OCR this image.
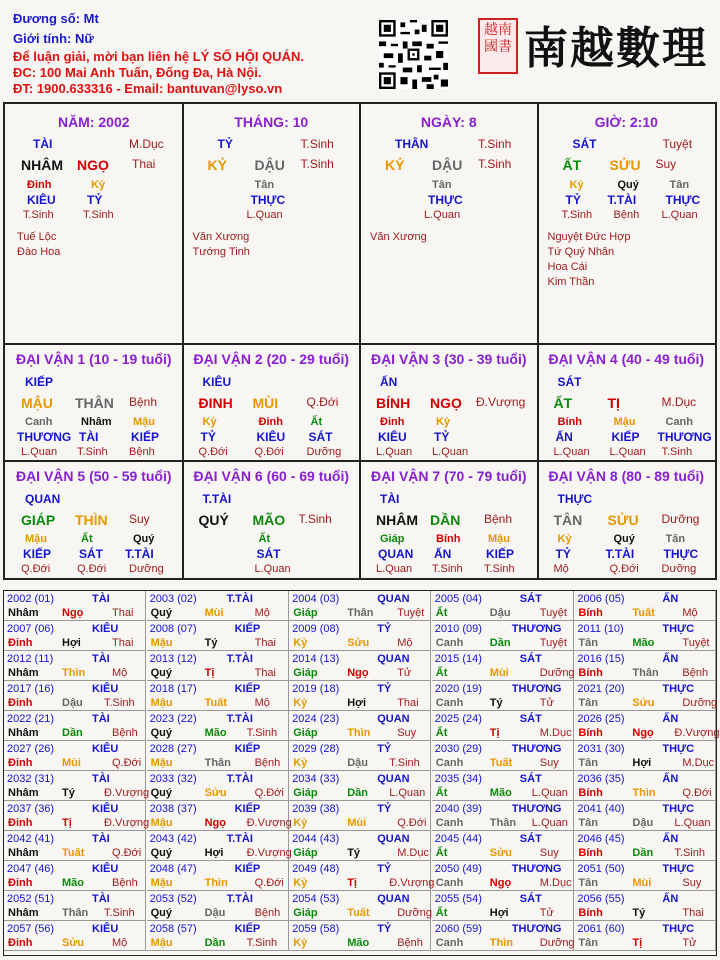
Đương số: Mt
Giới tính: Nữ
Để luận giải, mời bạn liên hệ LÝ SỐ HỘI QUÁN.
ĐC: 100 Mai Anh Tuấn, Đống Đa, Hà Nội.
ĐT: 1900.633316 - Email: bantuvan@lyso.vn
越南國書 南越數理
NĂM: 2002
TÀI	M.Dục
NHÂM NGỌ Thai
Đinh	Kỷ
KIÊU	TỶ
T.Sinh	T.Sinh
Tuế Lộc
Đào Hoa
THÁNG: 10
TỶ	T.Sinh
KỶ DẬU T.Sinh
Tân
THỰC
L.Quan
Văn Xương
Tướng Tinh
NGÀY: 8
THÂN	T.Sinh
KỶ DẬU T.Sinh
Tân
THỰC
L.Quan
Văn Xương
GIỜ: 2:10
SÁT	Tuyệt
ẤT SỬU Suy
Kỷ	Quý	Tân
TỶ T.TÀI THỰC
T.Sinh Bệnh L.Quan
Nguyệt Đức Hợp
Tứ Quý Nhân
Hoa Cái
Kim Thần
ĐẠI VẬN 1 (10 - 19 tuổi)
KIẾP
MẬU THÂN Bệnh
Canh	Nhâm Mậu
THƯƠNG TÀI	KIẾP
L.Quan T.Sinh Bệnh
ĐẠI VẬN 2 (20 - 29 tuổi)
KIÊU
ĐINH MÙI Q.Đới
Kỷ	Đinh	Ất
TỶ	KIÊU SÁT
Q.Đới Q.Đới Dưỡng
ĐẠI VẬN 3 (30 - 39 tuổi)
ẤN
BÍNH NGỌ Đ.Vượng
Đinh	Kỷ
KIÊU TỶ
L.Quan L.Quan
ĐẠI VẬN 4 (40 - 49 tuổi)
SÁT
ẤT	TỊ	M.Dục
Bính	Mậu	Canh
ẤN	KIẾP THƯƠNG
L.Quan L.Quan T.Sinh
ĐẠI VẬN 5 (50 - 59 tuổi)
QUAN
GIÁP THÌN Suy
Mậu	Ất	Quý
KIẾP SÁT T.TÀI
Q.Đới Q.Đới Dưỡng
ĐẠI VẬN 6 (60 - 69 tuổi)
T.TÀI
QUÝ MÃO T.Sinh
Ất
SÁT
L.Quan
ĐẠI VẬN 7 (70 - 79 tuổi)
TÀI
NHÂM DẦN Bệnh
Giáp	Bính	Mậu
QUAN ẤN	KIẾP
L.Quan T.Sinh T.Sinh
ĐẠI VẬN 8 (80 - 89 tuổi)
THỰC
TÂN SỬU Dưỡng
Kỷ	Quý	Tân
TỶ	T.TÀI THỰC
Mộ	Q.Đới Dưỡng
2002 (01)	TÀI
Nhâm Ngọ	Thai
2003 (02)	T.TÀI
Quý	Mùi	Mộ
2004 (03)	QUAN
Giáp	Thân Tuyệt
2005 (04)	SÁT
Ất	Dậu	Tuyệt
2006 (05)	ẤN
Bính	Tuất	Mộ
2007 (06)	KIÊU
Đinh	Hợi	Thai
2008 (07)	KIẾP
Mậu	Tý	Thai
2009 (08)	TỶ
Kỷ	Sửu	Mộ
2010 (09)	THƯƠNG
Canh Dần	Tuyệt
2011 (10)	THỰC
Tân	Mão	Tuyệt
2012 (11)	TÀI
Nhâm Thìn Mộ
2013 (12)	T.TÀI
Quý	Tị	Thai
2014 (13)	QUAN
Giáp	Ngọ	Tử
2015 (14)	SÁT
Ất	Mùi	Dưỡng
2016 (15)	ẤN
Bính	Thân Bệnh
2017 (16)	KIÊU
Đinh	Dậu T.Sinh
2018 (17)	KIẾP
Mậu	Tuất	Mộ
2019 (18)	TỶ
Kỷ	Hợi	Thai
2020 (19)	THƯƠNG
Canh Tý	Tử
2021 (20)	THỰC
Tân	Sửu	Dưỡng
2022 (21)	TÀI
Nhâm Dần	Bệnh
2023 (22)	T.TÀI
Quý	Mão T.Sinh
2024 (23)	QUAN
Giáp	Thìn Suy
2025 (24)	SÁT
Ất	Tị	M.Dục
2026 (25)	ẤN
Bính	Ngọ Đ.Vượng
2027 (26)	KIÊU
Đinh	Mùi	Q.Đới
2028 (27)	KIẾP
Mậu	Thân Bệnh
2029 (28)	TỶ
Kỷ	Dậu T.Sinh
2030 (29)	THƯƠNG
Canh Tuất	Suy
2031 (30)	THỰC
Tân	Hợi	M.Dục
2032 (31)	TÀI
Nhâm Tý	Đ.Vượng
2033 (32)	T.TÀI
Quý	Sửu	Q.Đới
2034 (33)	QUAN
Giáp	Dần L.Quan
2035 (34)	SÁT
Ất	Mão L.Quan
2036 (35)	ẤN
Bính	Thìn Q.Đới
2037 (36)	KIÊU
Đinh	Tị	Đ.Vượng
2038 (37)	KIẾP
Mậu	Ngọ Đ.Vượng
2039 (38)	TỶ
Kỷ	Mùi	Q.Đới
2040 (39)	THƯƠNG
Canh Thân L.Quan
2041 (40)	THỰC
Tân	Dậu L.Quan
2042 (41)	TÀI
Nhâm Tuất	Q.Đới
2043 (42)	T.TÀI
Quý	Hợi Đ.Vượng
2044 (43)	QUAN
Giáp	Tý	M.Dục
2045 (44)	SÁT
Ất	Sửu	Suy
2046 (45)	ẤN
Bính	Dần T.Sinh
2047 (46)	KIÊU
Đinh	Mão	Bệnh
2048 (47)	KIẾP
Mậu	Thìn Q.Đới
2049 (48)	TỶ
Kỷ	Tị	Đ.Vượng
2050 (49)	THƯƠNG
Canh Ngọ	M.Dục
2051 (50)	THỰC
Tân	Mùi	Suy
2052 (51)	TÀI
Nhâm Thân T.Sinh
2053 (52)	T.TÀI
Quý	Dậu	Bệnh
2054 (53)	QUAN
Giáp	Tuất	Dưỡng
2055 (54)	SÁT
Ất	Hợi	Tử
2056 (55)	ẤN
Bính	Tý	Thai
2057 (56)	KIÊU
Đinh	Sửu	Mộ
2058 (57)	KIẾP
Mậu	Dần T.Sinh
2059 (58)	TỶ
Kỷ	Mão	Bệnh
2060 (59)	THƯƠNG
Canh Thìn Dưỡng
2061 (60)	THỰC
Tân	Tị	Tử
